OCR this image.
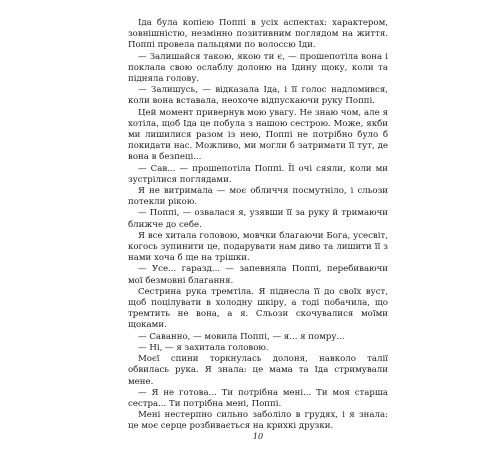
Іда була копією Поппі в усіх аспектах: характером, зовнішністю, незмінно позитивним поглядом на життя. Поппі провела пальцями по волоссю Іди.

— Залишайся такою, якою ти є, — прошепотіла вона і поклала свою ослаблу долоню на Ідину щоку, коли та підняла голову.

— Залишусь, — відказала Іда, і її голос надломився, коли вона вставала, неохоче відпускаючи руку Поппі.

Цей момент привернув мою увагу. Не знаю чом, але я хотіла, щоб Іда це побула з нашою сестрою. Може, якби ми лишилися разом із нею, Поппі не потрібно було б покидати нас. Можливо, ми могли б затримати її тут, де вона в безпеці...

— Сав... — прошепотіла Поппі. Її очі сяяли, коли ми зустрілися поглядами.

Я не витримала — моє обличчя посмутніло, і сльози потекли рікою.

— Поппі, — озвалася я, узявши її за руку й тримаючи ближче до себе.

Я все хитала головою, мовчки благаючи Бога, усесвіт, когось зупинити це, подарувати нам диво та лишити її з нами хоча б ще на трішки.

— Усе... гаразд... — запевняла Поппі, перебиваючи мої безмовні благання.

Сестрина рука тремтіла. Я піднесла її до своїх вуст, щоб поцілувати в холодну шкіру, а тоді побачила, що тремтить не вона, а я. Сльози скочувалися моїми щоками.

— Саванно, — мовила Поппі, — я... я помру...

— Ні, — я захитала головою.

Моєї спини торкнулась долоня, навколо талії обвилась рука. Я знала: це мама та Іда стримували мене.

— Я не готова... Ти потрібна мені... Ти моя старша сестра... Ти потрібна мені, Поппі.

Мені нестерпно сильно заболіло в грудях, і я знала: це моє серце розбивається на крихкі друзки.

10
